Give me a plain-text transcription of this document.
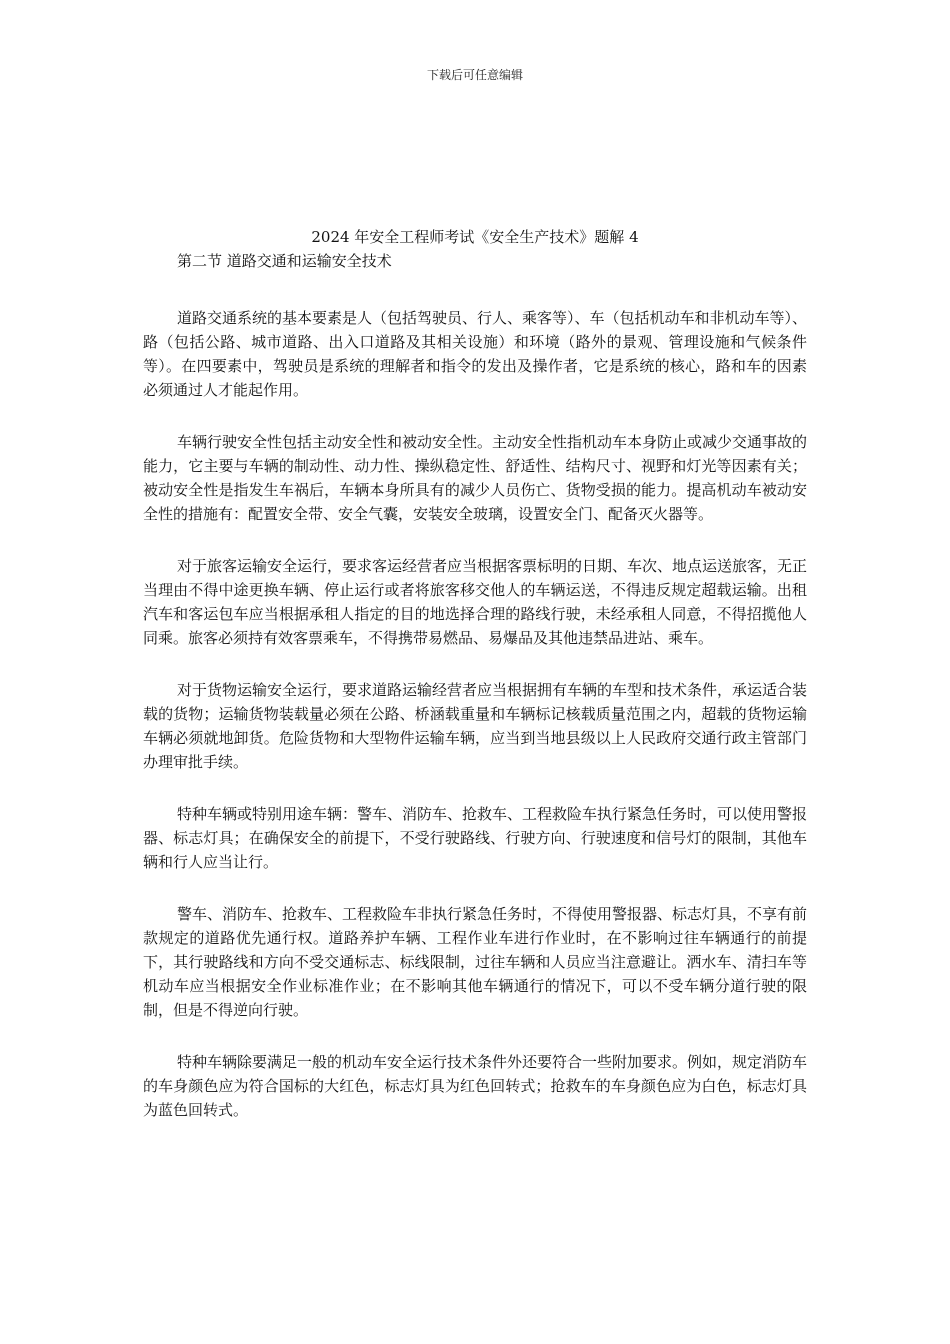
下载后可任意编辑

2024 年安全工程师考试《安全生产技术》题解 4

第二节 道路交通和运输安全技术

道路交通系统的基本要素是人（包括驾驶员、行人、乘客等）、车（包括机动车和非机动车等）、路（包括公路、城市道路、出入口道路及其相关设施）和环境（路外的景观、管理设施和气候条件等）。在四要素中，驾驶员是系统的理解者和指令的发出及操作者，它是系统的核心，路和车的因素必须通过人才能起作用。

车辆行驶安全性包括主动安全性和被动安全性。主动安全性指机动车本身防止或减少交通事故的能力，它主要与车辆的制动性、动力性、操纵稳定性、舒适性、结构尺寸、视野和灯光等因素有关；被动安全性是指发生车祸后，车辆本身所具有的减少人员伤亡、货物受损的能力。提高机动车被动安全性的措施有：配置安全带、安全气囊，安装安全玻璃，设置安全门、配备灭火器等。

对于旅客运输安全运行，要求客运经营者应当根据客票标明的日期、车次、地点运送旅客，无正当理由不得中途更换车辆、停止运行或者将旅客移交他人的车辆运送，不得违反规定超载运输。出租汽车和客运包车应当根据承租人指定的目的地选择合理的路线行驶，未经承租人同意，不得招揽他人同乘。旅客必须持有效客票乘车，不得携带易燃品、易爆品及其他违禁品进站、乘车。

对于货物运输安全运行，要求道路运输经营者应当根据拥有车辆的车型和技术条件，承运适合装载的货物；运输货物装载量必须在公路、桥涵载重量和车辆标记核载质量范围之内，超载的货物运输车辆必须就地卸货。危险货物和大型物件运输车辆，应当到当地县级以上人民政府交通行政主管部门办理审批手续。

特种车辆或特别用途车辆：警车、消防车、抢救车、工程救险车执行紧急任务时，可以使用警报器、标志灯具；在确保安全的前提下，不受行驶路线、行驶方向、行驶速度和信号灯的限制，其他车辆和行人应当让行。

警车、消防车、抢救车、工程救险车非执行紧急任务时，不得使用警报器、标志灯具，不享有前款规定的道路优先通行权。道路养护车辆、工程作业车进行作业时，在不影响过往车辆通行的前提下，其行驶路线和方向不受交通标志、标线限制，过往车辆和人员应当注意避让。洒水车、清扫车等机动车应当根据安全作业标准作业；在不影响其他车辆通行的情况下，可以不受车辆分道行驶的限制，但是不得逆向行驶。

特种车辆除要满足一般的机动车安全运行技术条件外还要符合一些附加要求。例如，规定消防车的车身颜色应为符合国标的大红色，标志灯具为红色回转式；抢救车的车身颜色应为白色，标志灯具为蓝色回转式。
